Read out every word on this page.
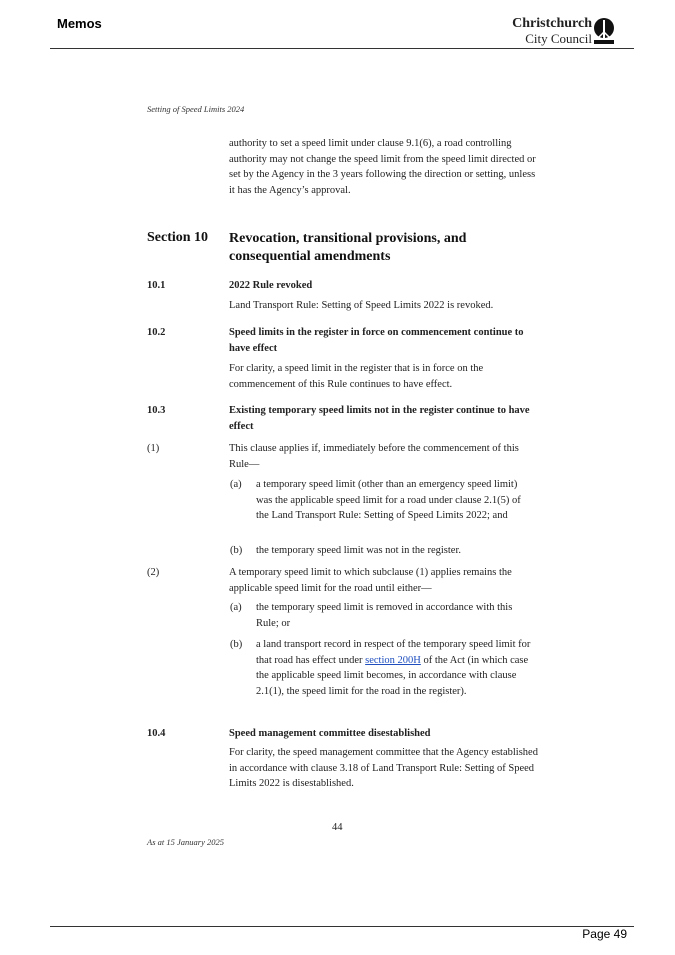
Memos	Christchurch
City Council
Setting of Speed Limits 2024
authority to set a speed limit under clause 9.1(6), a road controlling authority may not change the speed limit from the speed limit directed or set by the Agency in the 3 years following the direction or setting, unless it has the Agency’s approval.
Section 10 Revocation, transitional provisions, and consequential amendments
10.1	2022 Rule revoked
Land Transport Rule: Setting of Speed Limits 2022 is revoked.
10.2	Speed limits in the register in force on commencement continue to have effect
For clarity, a speed limit in the register that is in force on the commencement of this Rule continues to have effect.
10.3	Existing temporary speed limits not in the register continue to have effect
(1)	This clause applies if, immediately before the commencement of this Rule—
(a) a temporary speed limit (other than an emergency speed limit) was the applicable speed limit for a road under clause 2.1(5) of the Land Transport Rule: Setting of Speed Limits 2022; and
(b) the temporary speed limit was not in the register.
(2)	A temporary speed limit to which subclause (1) applies remains the applicable speed limit for the road until either—
(a) the temporary speed limit is removed in accordance with this Rule; or
(b) a land transport record in respect of the temporary speed limit for that road has effect under section 200H of the Act (in which case the applicable speed limit becomes, in accordance with clause 2.1(1), the speed limit for the road in the register).
10.4	Speed management committee disestablished
For clarity, the speed management committee that the Agency established in accordance with clause 3.18 of Land Transport Rule: Setting of Speed Limits 2022 is disestablished.
44
As at 15 January 2025
Page 49
